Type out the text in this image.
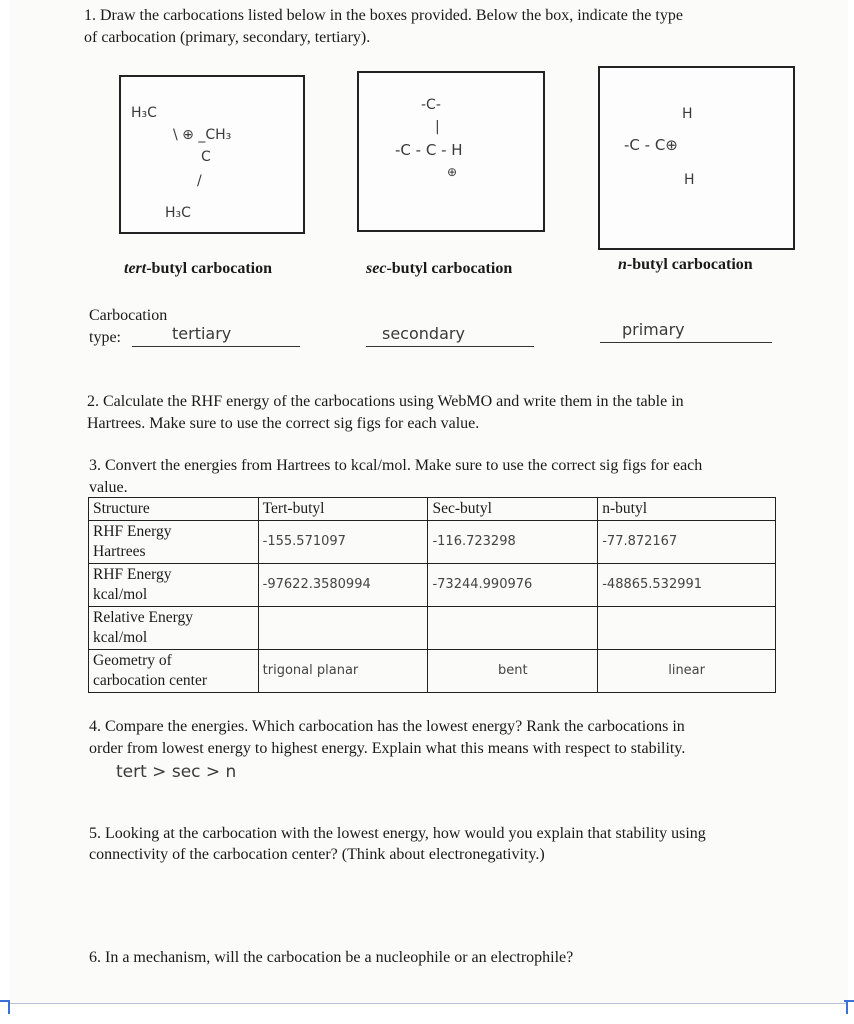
1. Draw the carbocations listed below in the boxes provided. Below the box, indicate the type
of carbocation (primary, secondary, tertiary).
H₃C
\ ⊕ _CH₃
C
/
H₃C
-C-
|
-C - C - H
⊕
H
-C - C⊕
H
tert-butyl carbocation	sec-butyl carbocation	n-butyl carbocation
Carbocation
type:	tertiary	secondary	primary
2. Calculate the RHF energy of the carbocations using WebMO and write them in the table in
Hartrees. Make sure to use the correct sig figs for each value.
3. Convert the energies from Hartrees to kcal/mol. Make sure to use the correct sig figs for each
value.
Structure	Tert-butyl	Sec-butyl	n-butyl
RHF Energy
Hartrees	-155.571097	-116.723298	-77.872167
RHF Energy
kcal/mol	-97622.3580994	-73244.990976	-48865.532991
Relative Energy
kcal/mol			
Geometry of
carbocation center	trigonal planar	bent	linear
4. Compare the energies. Which carbocation has the lowest energy? Rank the carbocations in
order from lowest energy to highest energy. Explain what this means with respect to stability.
tert > sec > n
5. Looking at the carbocation with the lowest energy, how would you explain that stability using
connectivity of the carbocation center? (Think about electronegativity.)
6. In a mechanism, will the carbocation be a nucleophile or an electrophile?
